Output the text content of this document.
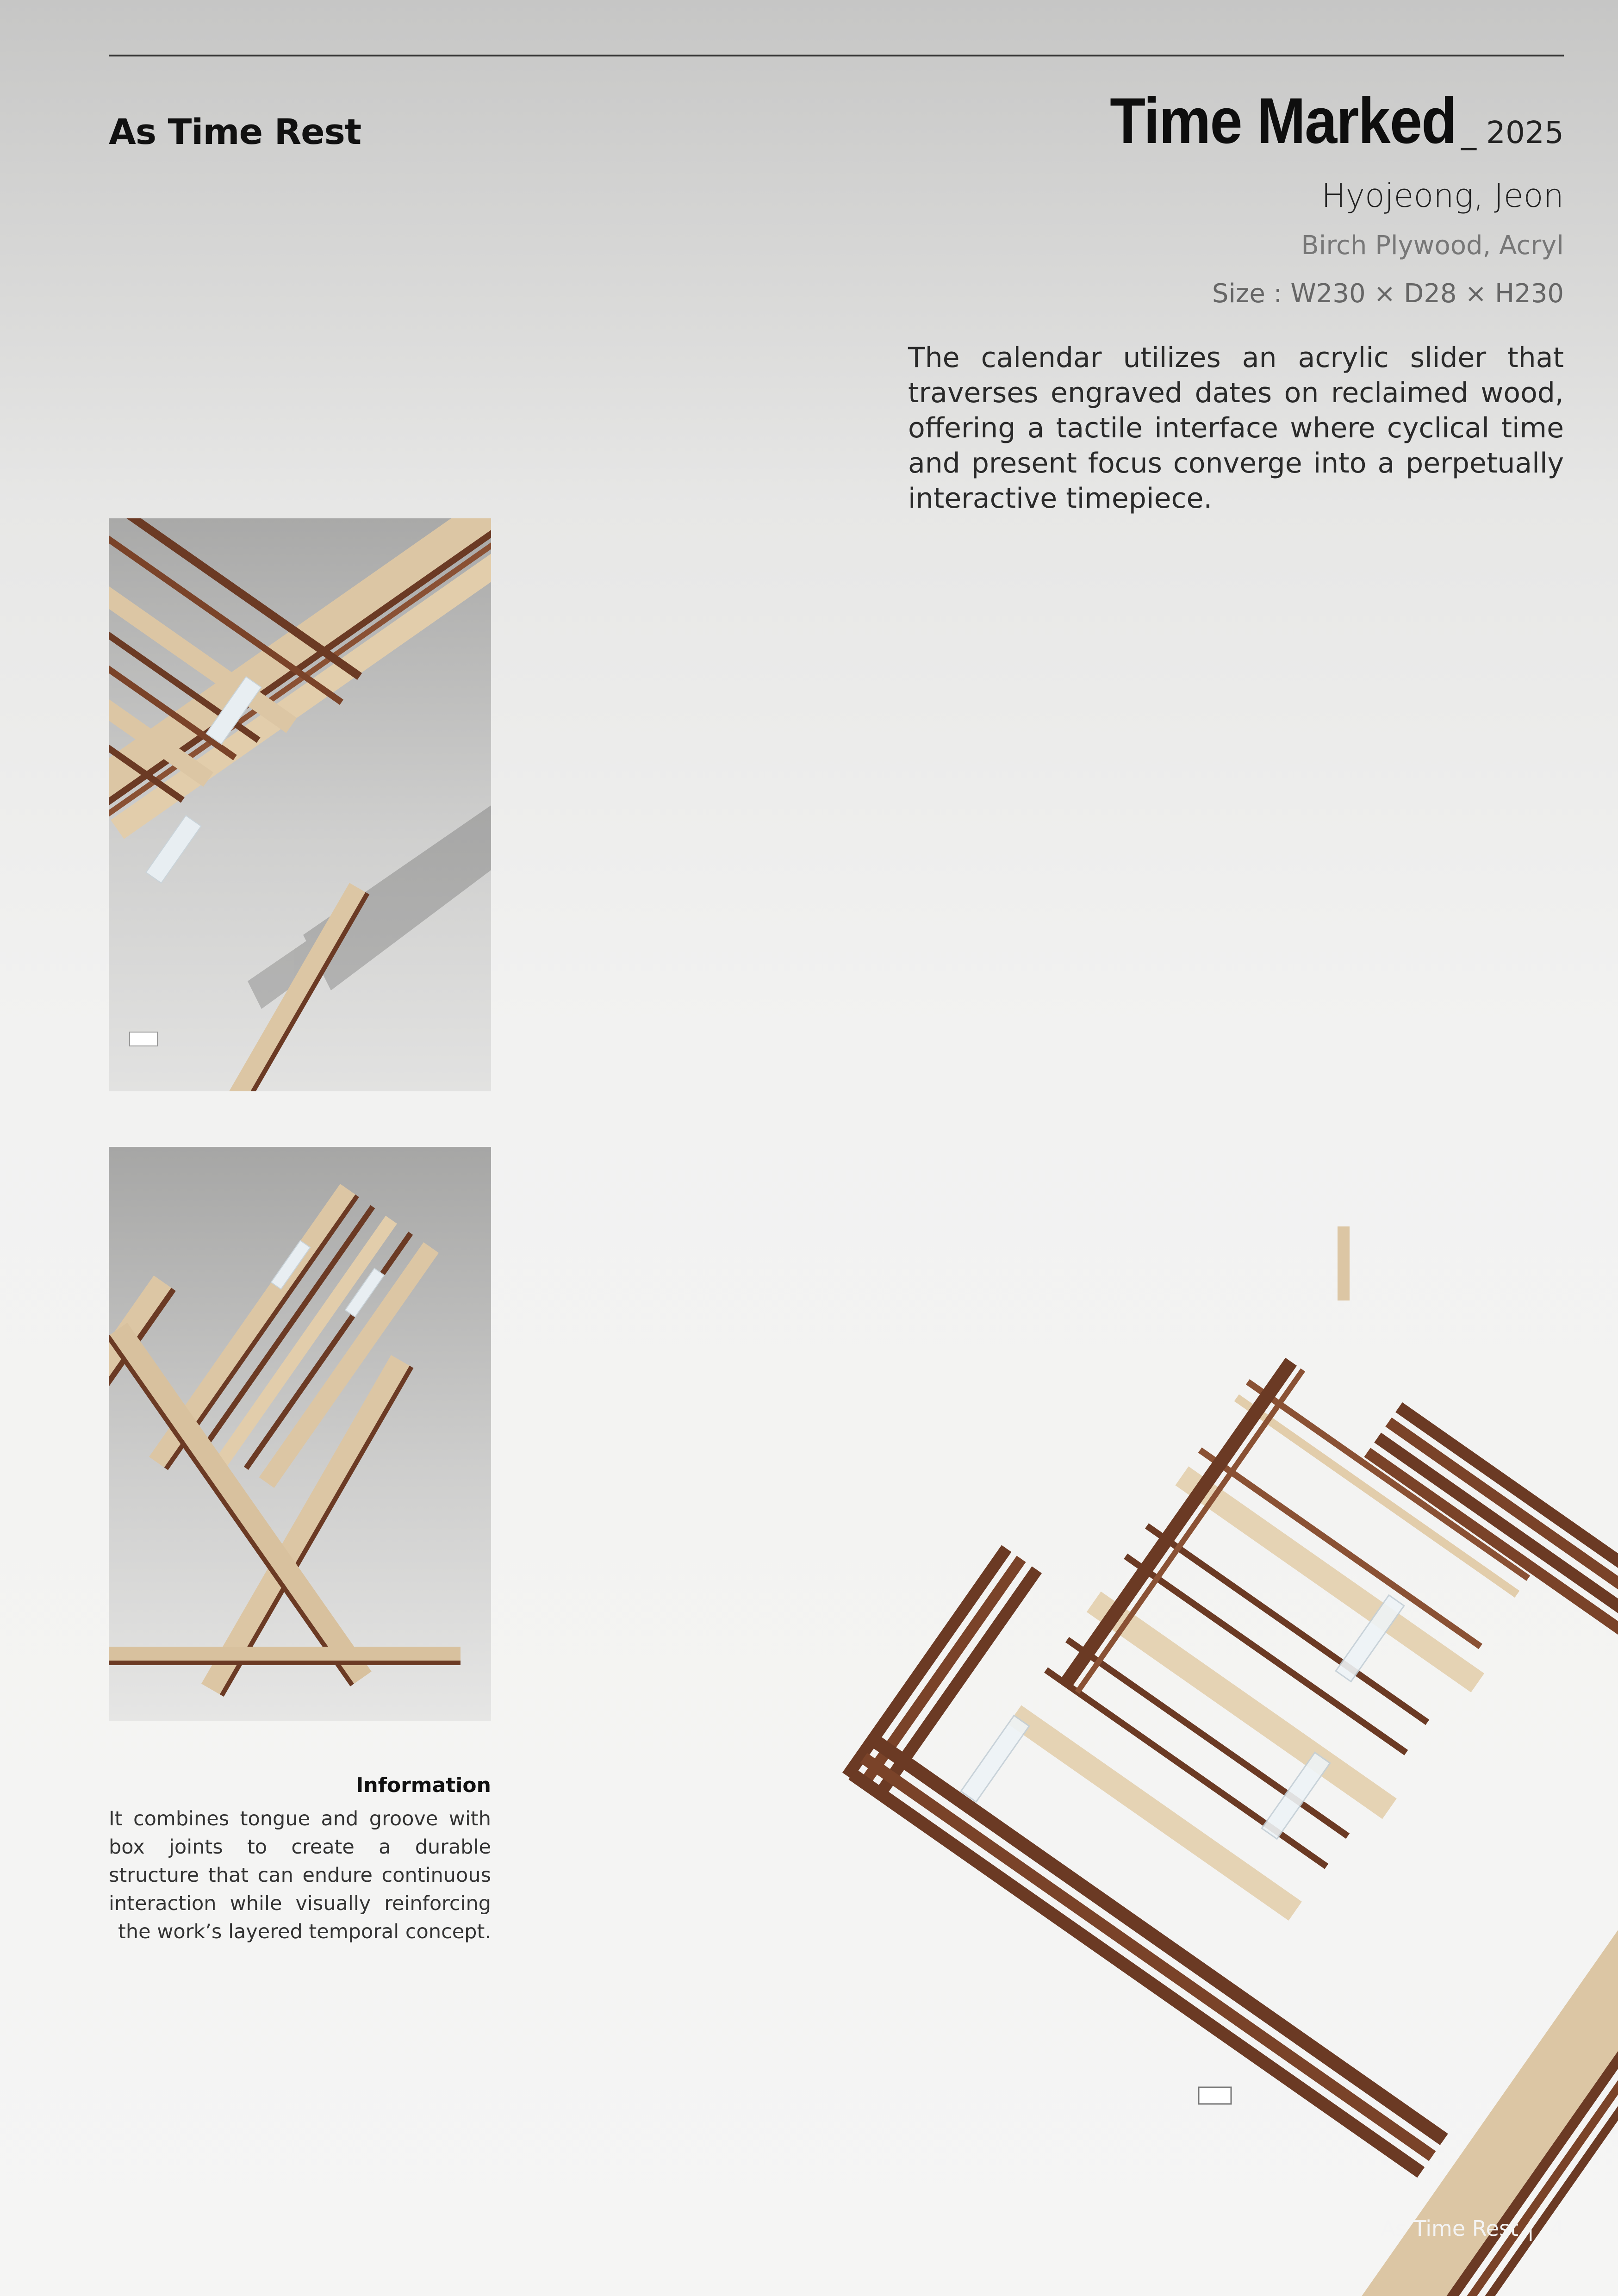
As Time Rest	Time Marked _ 2025
Hyojeong, Jeon
Birch Plywood, Acryl
Size : W230 × D28 × H230
The calendar utilizes an acrylic slider that traverses engraved dates on reclaimed wood, offering a tactile interface where cyclical time and present focus converge into a perpetually interactive timepiece.
Information
It combines tongue and groove with box joints to create a durable structure that can endure continuous interaction while visually reinforcing the work’s layered temporal concept.
As Time Rest | 4
